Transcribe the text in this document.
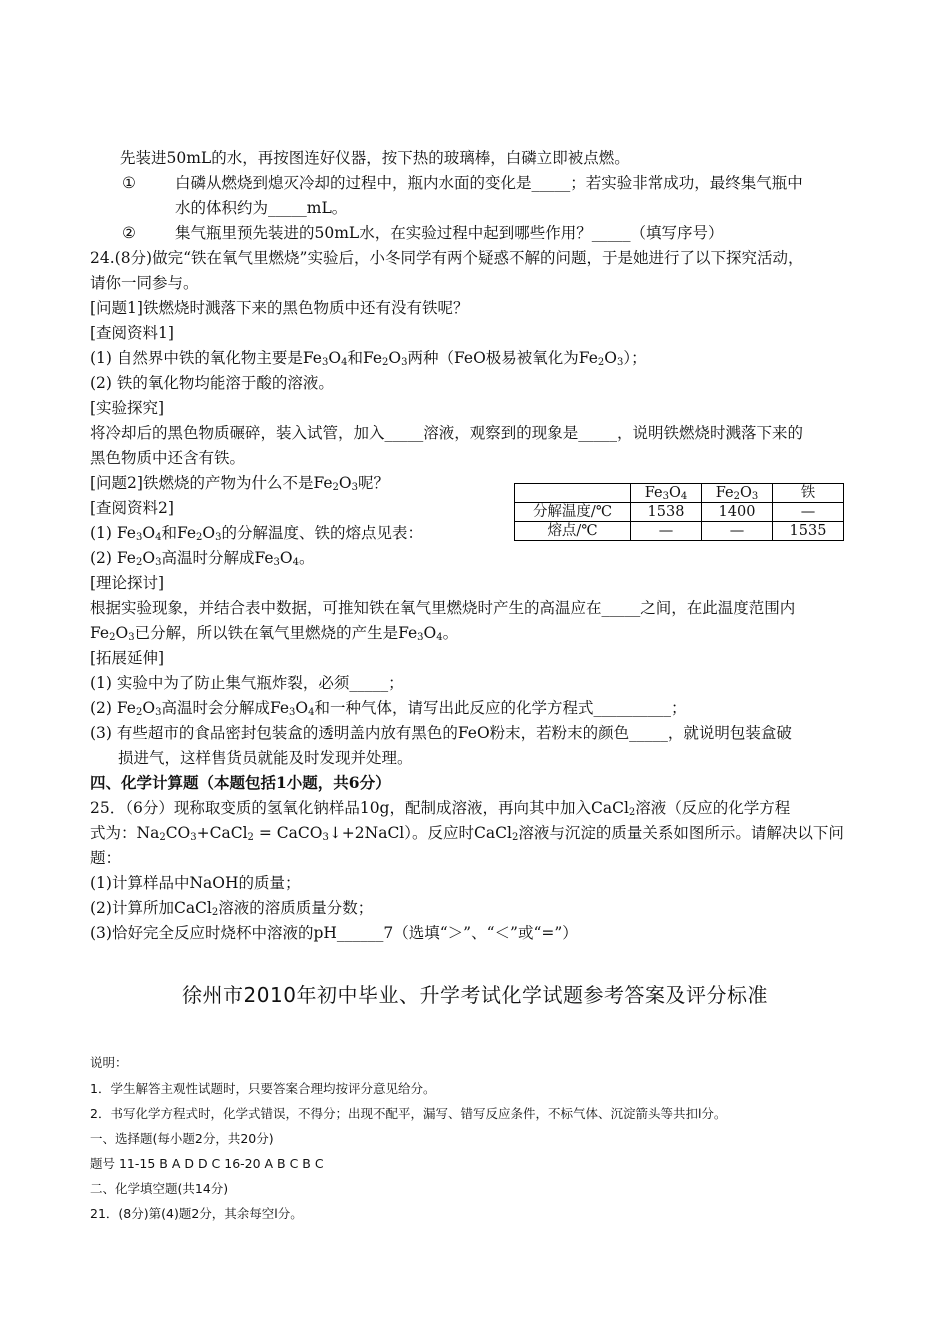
先装进50mL的水，再按图连好仪器，按下热的玻璃棒，白磷立即被点燃。
①	白磷从燃烧到熄灭冷却的过程中，瓶内水面的变化是_____；若实验非常成功，最终集气瓶中
水的体积约为_____mL。
②	集气瓶里预先装进的50mL水，在实验过程中起到哪些作用？_____（填写序号）
24.(8分)做完“铁在氧气里燃烧”实验后，小冬同学有两个疑惑不解的问题，于是她进行了以下探究活动，
请你一同参与。
[问题1]铁燃烧时溅落下来的黑色物质中还有没有铁呢？
[查阅资料1]
(1) 自然界中铁的氧化物主要是$Fe_3O_4$和$Fe_2O_3$两种（FeO极易被氧化为$Fe_2O_3$）；
(2) 铁的氧化物均能溶于酸的溶液。
[实验探究]
将冷却后的黑色物质碾碎，装入试管，加入_____溶液，观察到的现象是_____，说明铁燃烧时溅落下来的
黑色物质中还含有铁。
[问题2]铁燃烧的产物为什么不是$Fe_2O_3$呢？
[查阅资料2]
(1) $Fe_3O_4$和$Fe_2O_3$的分解温度、铁的熔点见表：
(2) $Fe_2O_3$高温时分解成$Fe_3O_4$。
	$Fe_3O_4$	$Fe_2O_3$	铁
分解温度/℃	1538	1400	—
熔点/℃	—	—	1535
[理论探讨]
根据实验现象，并结合表中数据，可推知铁在氧气里燃烧时产生的高温应在_____之间，在此温度范围内
$Fe_2O_3$已分解，所以铁在氧气里燃烧的产生是$Fe_3O_4$。
[拓展延伸]
(1) 实验中为了防止集气瓶炸裂，必须_____；
(2) $Fe_2O_3$高温时会分解成$Fe_3O_4$和一种气体，请写出此反应的化学方程式__________；
(3) 有些超市的食品密封包装盒的透明盖内放有黑色的FeO粉末，若粉末的颜色_____，就说明包装盒破
损进气，这样售货员就能及时发现并处理。
四、化学计算题（本题包括1小题，共6分）
25．（6分）现称取变质的氢氧化钠样品10g，配制成溶液，再向其中加入CaCl$_2$溶液（反应的化学方程
式为：$Na_2CO_3+CaCl_2$ = CaCO$_3$↓+2NaCl）。反应时CaCl$_2$溶液与沉淀的质量关系如图所示。请解决以下问
题：
(1)计算样品中NaOH的质量；
(2)计算所加CaCl$_2$溶液的溶质质量分数；
(3)恰好完全反应时烧杯中溶液的pH______7（选填“＞”、“＜”或“=”）
徐州市2010年初中毕业、升学考试化学试题参考答案及评分标准
说明：
1．学生解答主观性试题时，只要答案合理均按评分意见给分。
2．书写化学方程式时，化学式错误，不得分；出现不配平，漏写、错写反应条件，不标气体、沉淀箭头等共扣l分。
一、选择题(每小题2分，共20分)
题号 11-15 B A D D C 16-20 A B C B C
二、化学填空题(共14分)
21．(8分)第(4)题2分，其余每空l分。
